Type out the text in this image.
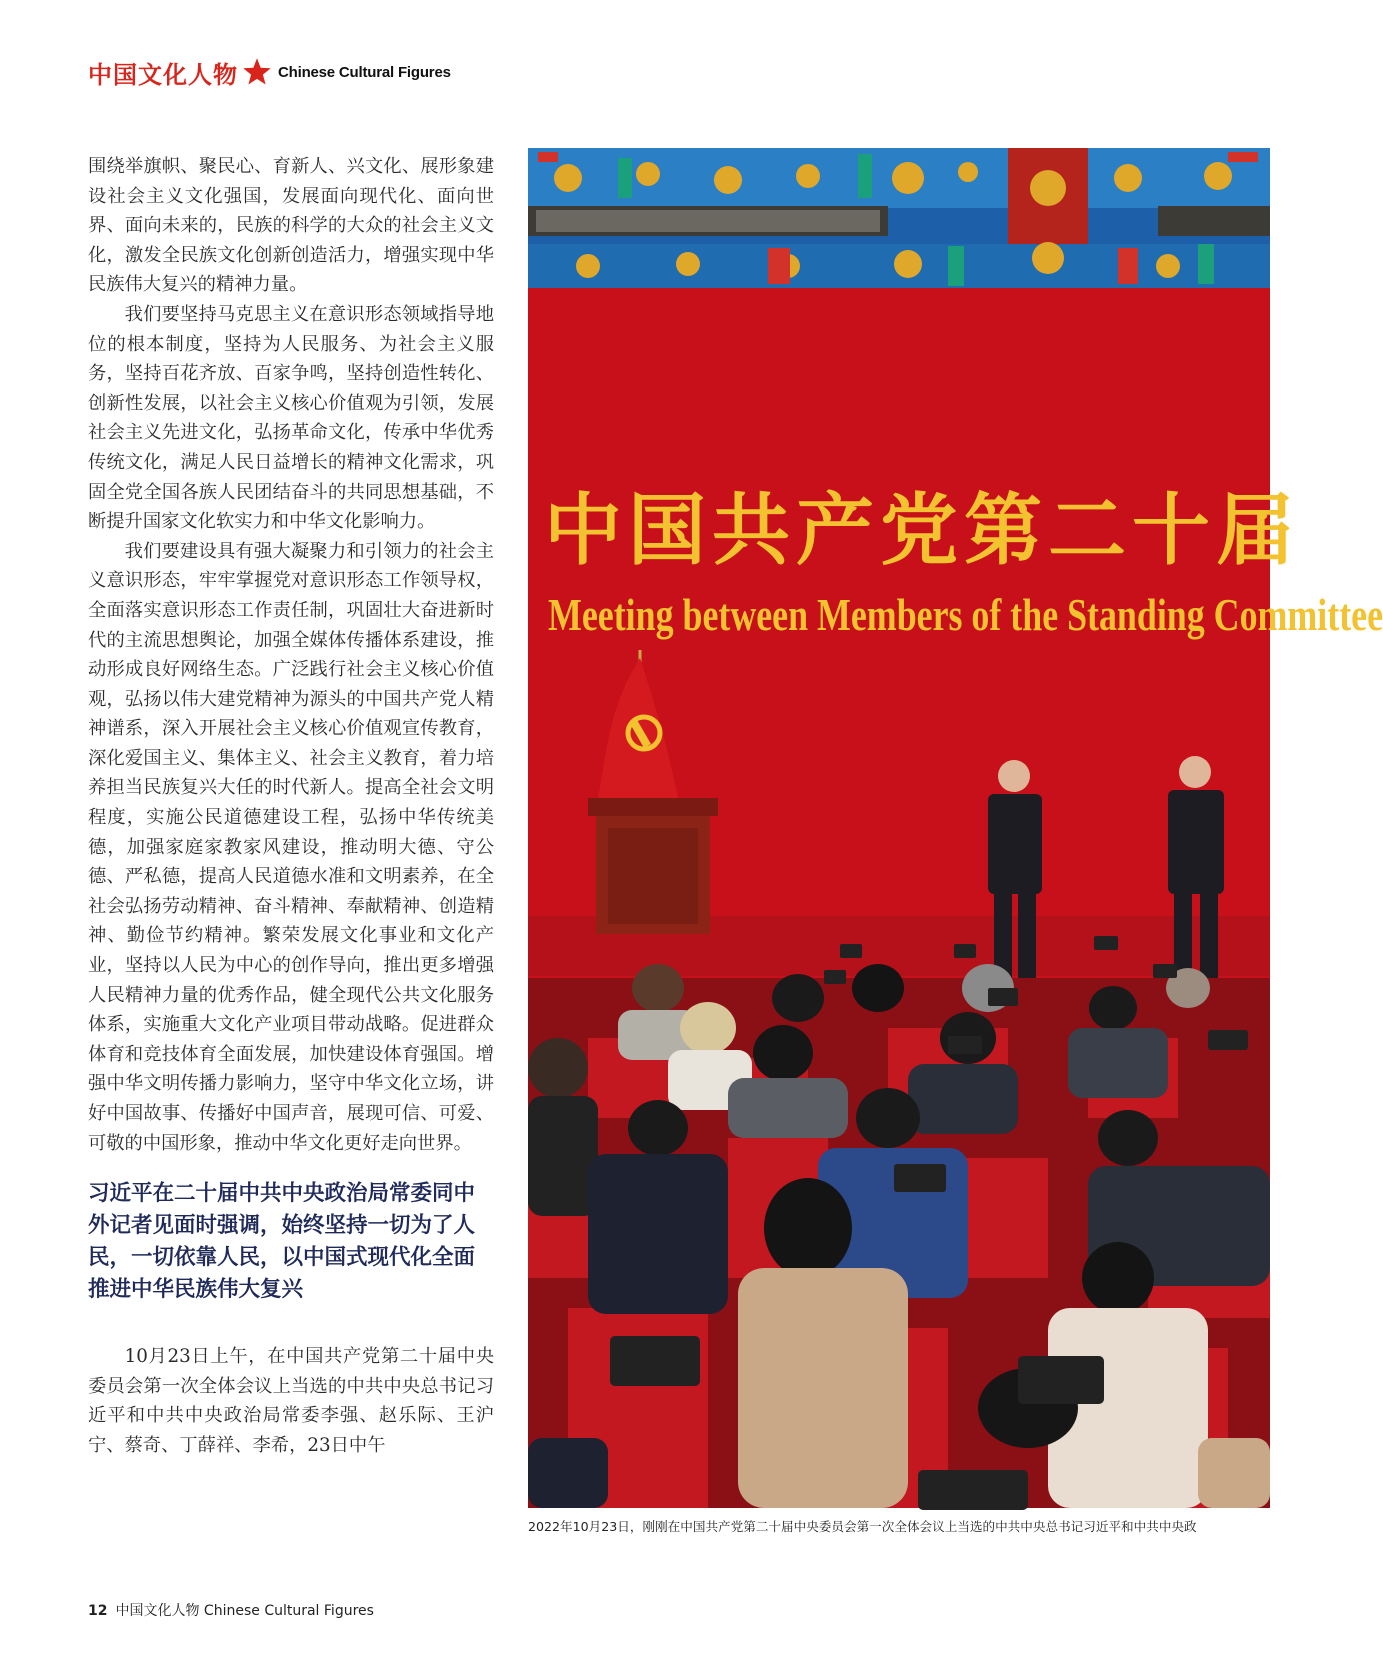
中国文化人物	Chinese Cultural Figures

围绕举旗帜、聚民心、育新人、兴文化、展形象建设社会主义文化强国，发展面向现代化、面向世界、面向未来的，民族的科学的大众的社会主义文化，激发全民族文化创新创造活力，增强实现中华民族伟大复兴的精神力量。

我们要坚持马克思主义在意识形态领域指导地位的根本制度，坚持为人民服务、为社会主义服务，坚持百花齐放、百家争鸣，坚持创造性转化、创新性发展，以社会主义核心价值观为引领，发展社会主义先进文化，弘扬革命文化，传承中华优秀传统文化，满足人民日益增长的精神文化需求，巩固全党全国各族人民团结奋斗的共同思想基础，不断提升国家文化软实力和中华文化影响力。

我们要建设具有强大凝聚力和引领力的社会主义意识形态，牢牢掌握党对意识形态工作领导权，全面落实意识形态工作责任制，巩固壮大奋进新时代的主流思想舆论，加强全媒体传播体系建设，推动形成良好网络生态。广泛践行社会主义核心价值观，弘扬以伟大建党精神为源头的中国共产党人精神谱系，深入开展社会主义核心价值观宣传教育，深化爱国主义、集体主义、社会主义教育，着力培养担当民族复兴大任的时代新人。提高全社会文明程度，实施公民道德建设工程，弘扬中华传统美德，加强家庭家教家风建设，推动明大德、守公德、严私德，提高人民道德水准和文明素养，在全社会弘扬劳动精神、奋斗精神、奉献精神、创造精神、勤俭节约精神。繁荣发展文化事业和文化产业，坚持以人民为中心的创作导向，推出更多增强人民精神力量的优秀作品，健全现代公共文化服务体系，实施重大文化产业项目带动战略。促进群众体育和竞技体育全面发展，加快建设体育强国。增强中华文明传播力影响力，坚守中华文化立场，讲好中国故事、传播好中国声音，展现可信、可爱、可敬的中国形象，推动中华文化更好走向世界。

习近平在二十届中共中央政治局常委同中外记者见面时强调，始终坚持一切为了人民，一切依靠人民，以中国式现代化全面推进中华民族伟大复兴

10月23日上午，在中国共产党第二十届中央委员会第一次全体会议上当选的中共中央总书记习近平和中共中央政治局常委李强、赵乐际、王沪宁、蔡奇、丁薛祥、李希，23日中午

中国共产党第二十届
Meeting between Members of the Standing Committee
2022年10月23日，刚刚在中国共产党第二十届中央委员会第一次全体会议上当选的中共中央总书记习近平和中共中央政
12 中国文化人物 Chinese Cultural Figures
